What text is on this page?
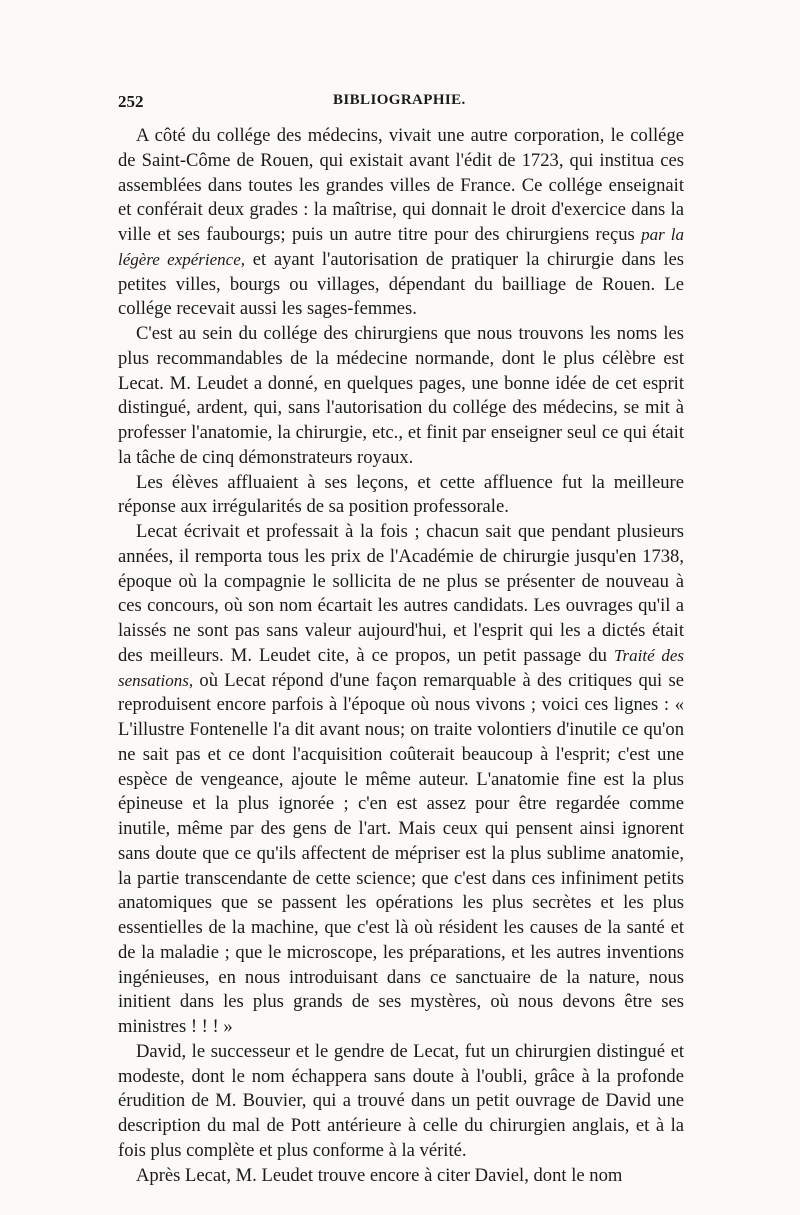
252	BIBLIOGRAPHIE.

A côté du collége des médecins, vivait une autre corporation, le collége de Saint-Côme de Rouen, qui existait avant l'édit de 1723, qui institua ces assemblées dans toutes les grandes villes de France. Ce collége enseignait et conférait deux grades : la maîtrise, qui donnait le droit d'exercice dans la ville et ses faubourgs; puis un autre titre pour des chirurgiens reçus par la légère expérience, et ayant l'autorisation de pratiquer la chirurgie dans les petites villes, bourgs ou villages, dépendant du bailliage de Rouen. Le collége recevait aussi les sages-femmes.

C'est au sein du collége des chirurgiens que nous trouvons les noms les plus recommandables de la médecine normande, dont le plus célèbre est Lecat. M. Leudet a donné, en quelques pages, une bonne idée de cet esprit distingué, ardent, qui, sans l'autorisation du collége des médecins, se mit à professer l'anatomie, la chirurgie, etc., et finit par enseigner seul ce qui était la tâche de cinq démonstrateurs royaux.

Les élèves affluaient à ses leçons, et cette affluence fut la meilleure réponse aux irrégularités de sa position professorale.

Lecat écrivait et professait à la fois ; chacun sait que pendant plusieurs années, il remporta tous les prix de l'Académie de chirurgie jusqu'en 1738, époque où la compagnie le sollicita de ne plus se présenter de nouveau à ces concours, où son nom écartait les autres candidats. Les ouvrages qu'il a laissés ne sont pas sans valeur aujourd'hui, et l'esprit qui les a dictés était des meilleurs. M. Leudet cite, à ce propos, un petit passage du Traité des sensations, où Lecat répond d'une façon remarquable à des critiques qui se reproduisent encore parfois à l'époque où nous vivons ; voici ces lignes : « L'illustre Fontenelle l'a dit avant nous; on traite volontiers d'inutile ce qu'on ne sait pas et ce dont l'acquisition coûterait beaucoup à l'esprit; c'est une espèce de vengeance, ajoute le même auteur. L'anatomie fine est la plus épineuse et la plus ignorée ; c'en est assez pour être regardée comme inutile, même par des gens de l'art. Mais ceux qui pensent ainsi ignorent sans doute que ce qu'ils affectent de mépriser est la plus sublime anatomie, la partie transcendante de cette science; que c'est dans ces infiniment petits anatomiques que se passent les opérations les plus secrètes et les plus essentielles de la machine, que c'est là où résident les causes de la santé et de la maladie ; que le microscope, les préparations, et les autres inventions ingénieuses, en nous introduisant dans ce sanctuaire de la nature, nous initient dans les plus grands de ses mystères, où nous devons être ses ministres ! ! ! »

David, le successeur et le gendre de Lecat, fut un chirurgien distingué et modeste, dont le nom échappera sans doute à l'oubli, grâce à la profonde érudition de M. Bouvier, qui a trouvé dans un petit ouvrage de David une description du mal de Pott antérieure à celle du chirurgien anglais, et à la fois plus complète et plus conforme à la vérité.

Après Lecat, M. Leudet trouve encore à citer Daviel, dont le nom
